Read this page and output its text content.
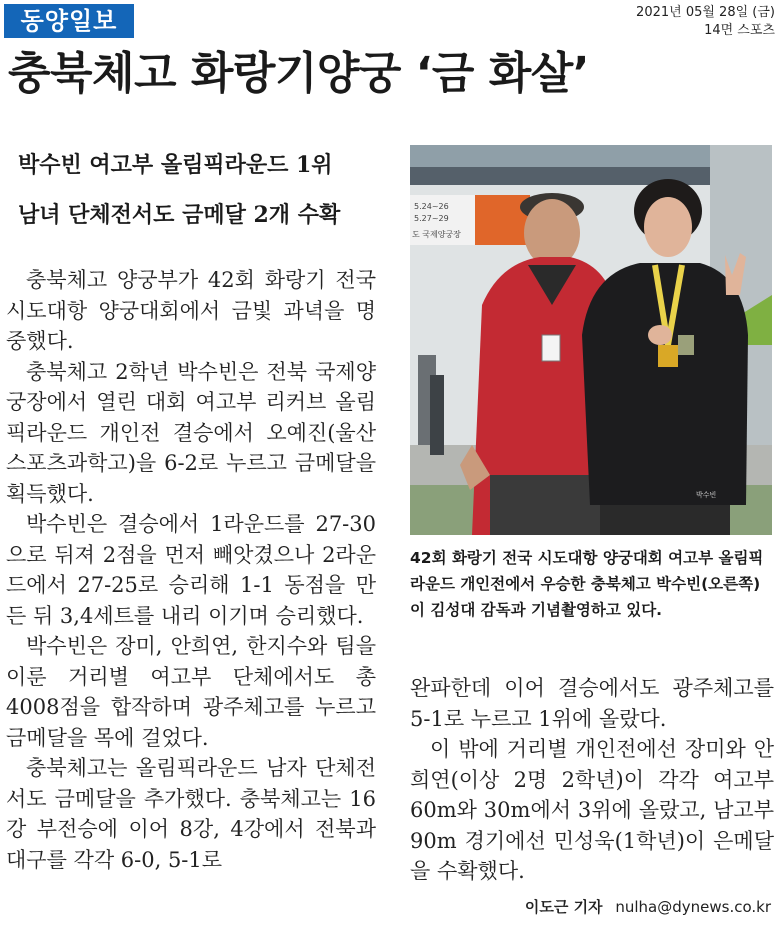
동양일보	2021년 05월 28일 (금)
14면 스포츠
충북체고 화랑기양궁 ‘금 화살’
박수빈 여고부 올림픽라운드 1위
남녀 단체전서도 금메달 2개 수확

충북체고 양궁부가 42회 화랑기 전국 시도대항 양궁대회에서 금빛 과녁을 명중했다.

충북체고 2학년 박수빈은 전북 국제양궁장에서 열린 대회 여고부 리커브 올림픽라운드 개인전 결승에서 오예진(울산스포츠과학고)을 6-2로 누르고 금메달을 획득했다.

박수빈은 결승에서 1라운드를 27-30으로 뒤져 2점을 먼저 빼앗겼으나 2라운드에서 27-25로 승리해 1-1 동점을 만든 뒤 3,4세트를 내리 이기며 승리했다.

박수빈은 장미, 안희연, 한지수와 팀을 이룬 거리별 여고부 단체에서도 총 4008점을 합작하며 광주체고를 누르고 금메달을 목에 걸었다.

충북체고는 올림픽라운드 남자 단체전서도 금메달을 추가했다. 충북체고는 16강 부전승에 이어 8강, 4강에서 전북과 대구를 각각 6-0, 5-1로

5.24~26
5.27~29
도 국제양궁장
박수빈
42회 화랑기 전국 시도대항 양궁대회 여고부 올림픽라운드 개인전에서 우승한 충북체고 박수빈(오른쪽)이 김성대 감독과 기념촬영하고 있다.

완파한데 이어 결승에서도 광주체고를 5-1로 누르고 1위에 올랐다.

이 밖에 거리별 개인전에선 장미와 안희연(이상 2명 2학년)이 각각 여고부 60m와 30m에서 3위에 올랐고, 남고부 90m 경기에선 민성욱(1학년)이 은메달을 수확했다.

이도근 기자 nulha@dynews.co.kr
